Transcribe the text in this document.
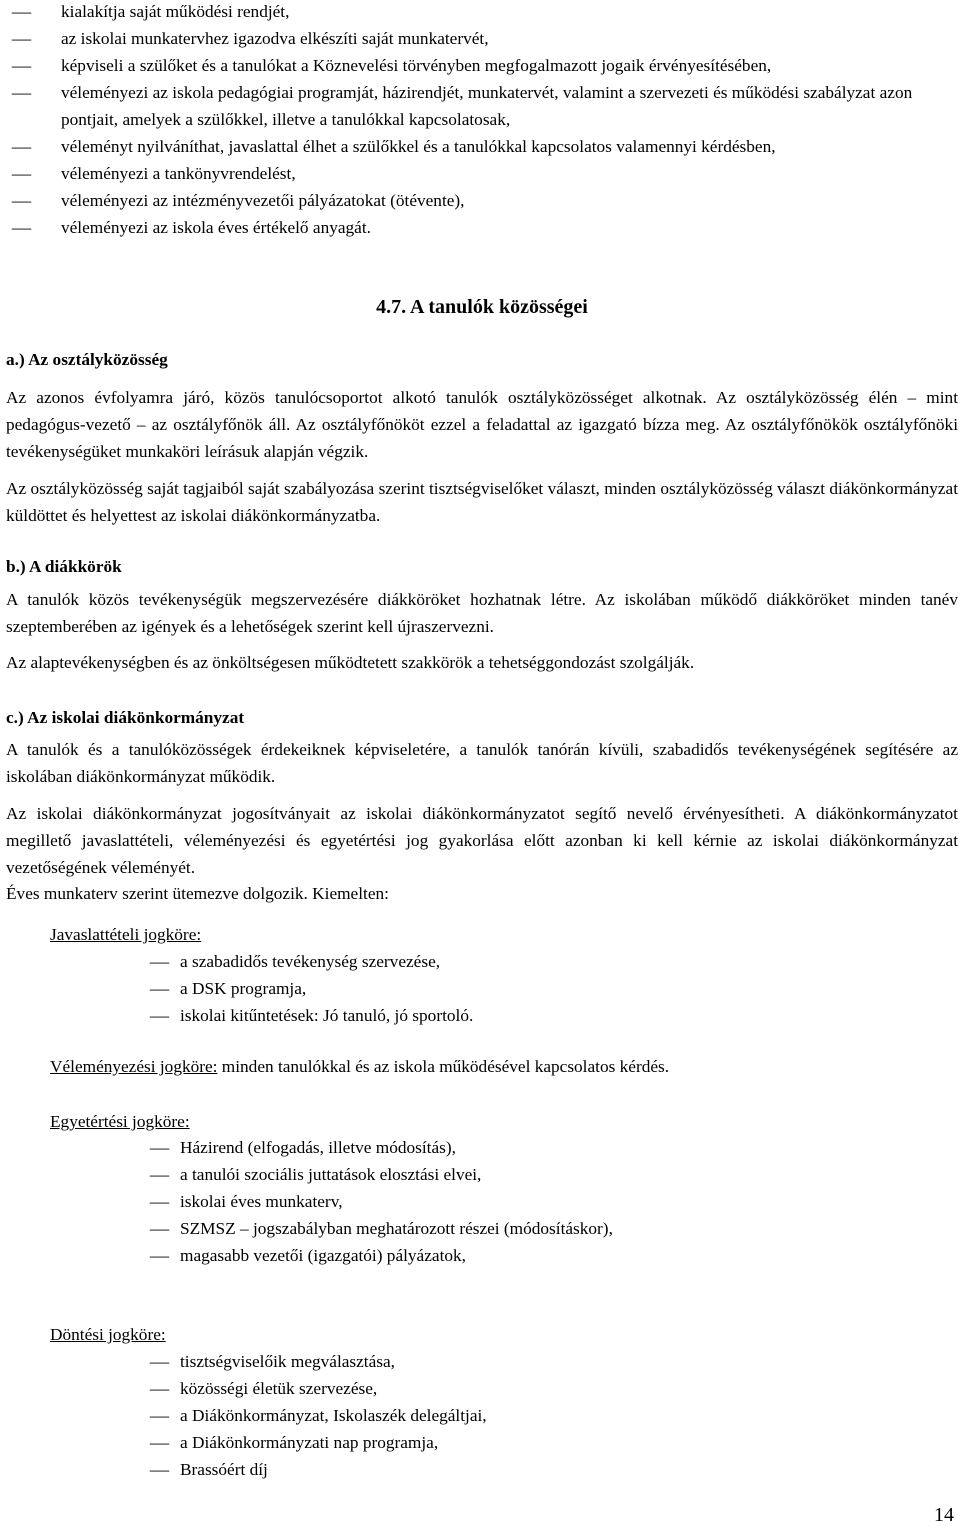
– kialakítja saját működési rendjét,
– az iskolai munkatervhez igazodva elkészíti saját munkatervét,
– képviseli a szülőket és a tanulókat a Köznevelési törvényben megfogalmazott jogaik érvényesítésében,
– véleményezi az iskola pedagógiai programját, házirendjét, munkatervét, valamint a szervezeti és működési szabályzat azon pontjait, amelyek a szülőkkel, illetve a tanulókkal kapcsolatosak,
– véleményt nyilváníthat, javaslattal élhet a szülőkkel és a tanulókkal kapcsolatos valamennyi kérdésben,
– véleményezi a tankönyvrendelést,
– véleményezi az intézményvezetői pályázatokat (ötévente),
– véleményezi az iskola éves értékelő anyagát.
4.7. A tanulók közösségei
a.) Az osztályközösség

Az azonos évfolyamra járó, közös tanulócsoportot alkotó tanulók osztályközösséget alkotnak. Az osztályközösség élén – mint pedagógus-vezető – az osztályfőnök áll. Az osztályfőnököt ezzel a feladattal az igazgató bízza meg. Az osztályfőnökök osztályfőnöki tevékenységüket munkaköri leírásuk alapján végzik.

Az osztályközösség saját tagjaiból saját szabályozása szerint tisztségviselőket választ, minden osztályközösség választ diákönkormányzat küldöttet és helyettest az iskolai diákönkormányzatba.

b.) A diákkörök

A tanulók közös tevékenységük megszervezésére diákköröket hozhatnak létre. Az iskolában működő diákköröket minden tanév szeptemberében az igények és a lehetőségek szerint kell újraszervezni.

Az alaptevékenységben és az önköltségesen működtetett szakkörök a tehetséggondozást szolgálják.

c.) Az iskolai diákönkormányzat

A tanulók és a tanulóközösségek érdekeiknek képviseletére, a tanulók tanórán kívüli, szabadidős tevékenységének segítésére az iskolában diákönkormányzat működik.

Az iskolai diákönkormányzat jogosítványait az iskolai diákönkormányzatot segítő nevelő érvényesítheti. A diákönkormányzatot megillető javaslattételi, véleményezési és egyetértési jog gyakorlása előtt azonban ki kell kérnie az iskolai diákönkormányzat vezetőségének véleményét.

Éves munkaterv szerint ütemezve dolgozik. Kiemelten:

Javaslattételi jogköre:
– a szabadidős tevékenység szervezése,
– a DSK programja,
– iskolai kitűntetések: Jó tanuló, jó sportoló.
Véleményezési jogköre: minden tanulókkal és az iskola működésével kapcsolatos kérdés.
Egyetértési jogköre:
– Házirend (elfogadás, illetve módosítás),
– a tanulói szociális juttatások elosztási elvei,
– iskolai éves munkaterv,
– SZMSZ – jogszabályban meghatározott részei (módosításkor),
– magasabb vezetői (igazgatói) pályázatok,
Döntési jogköre:
– tisztségviselőik megválasztása,
– közösségi életük szervezése,
– a Diákönkormányzat, Iskolaszék delegáltjai,
– a Diákönkormányzati nap programja,
– Brassóért díj
14
